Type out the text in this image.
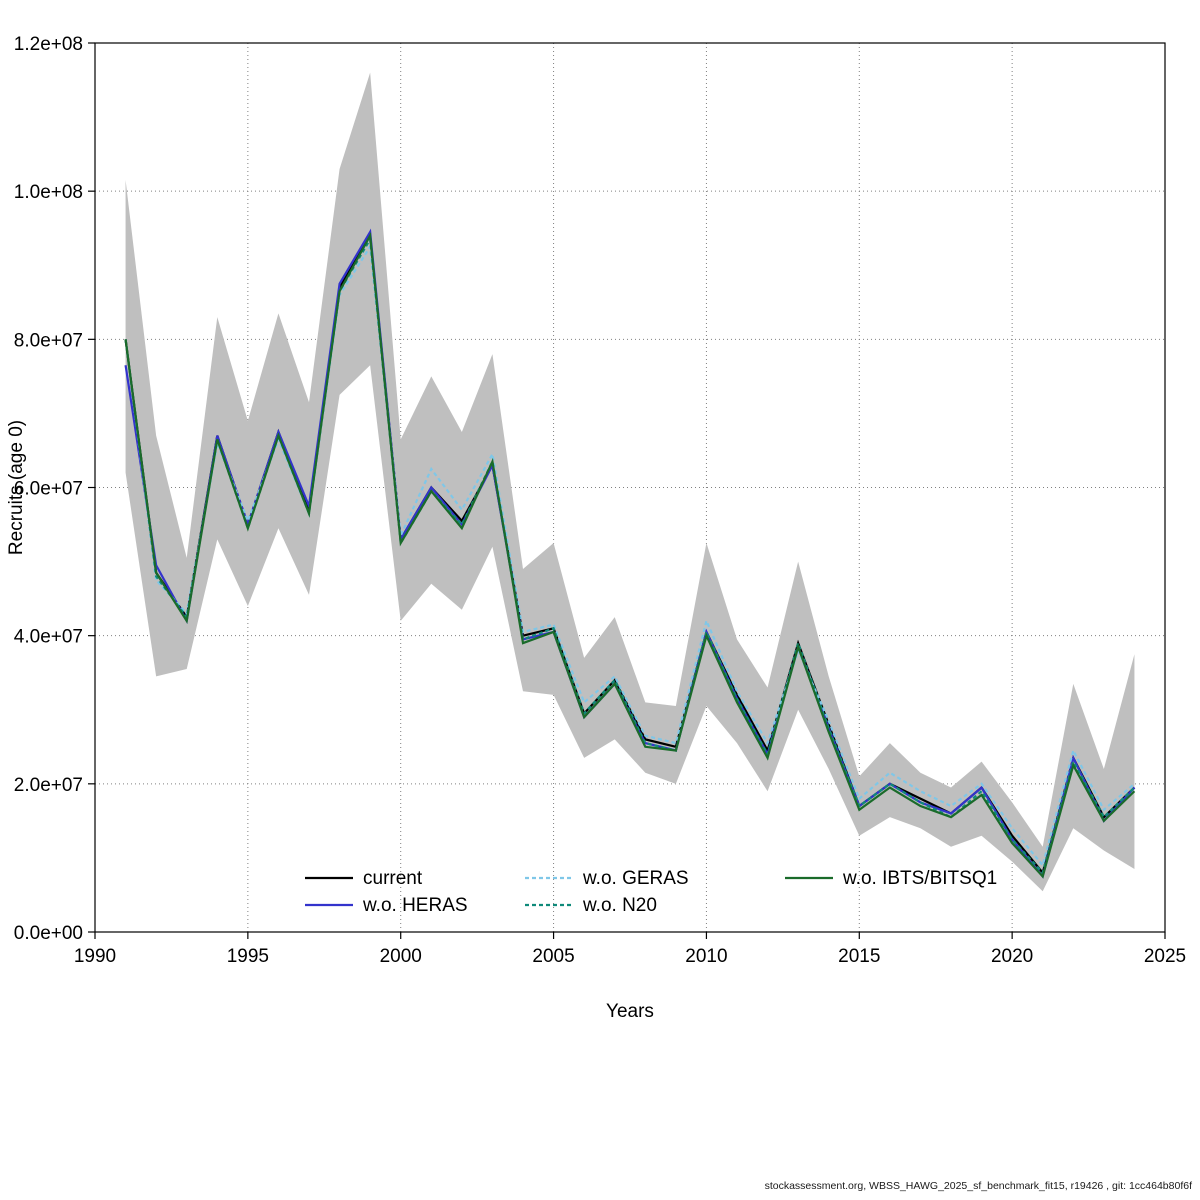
0.0e+00
2.0e+07
4.0e+07
6.0e+07
8.0e+07
1.0e+08
1.2e+08
1990	1995	2000	2005	2010	2015	2020	2025
Years
Recruits (age 0)
current
w.o. HERAS
w.o. GERAS
w.o. N20
w.o. IBTS/BITSQ1
stockassessment.org, WBSS_HAWG_2025_sf_benchmark_fit15, r19426 , git: 1cc464b80f6f
